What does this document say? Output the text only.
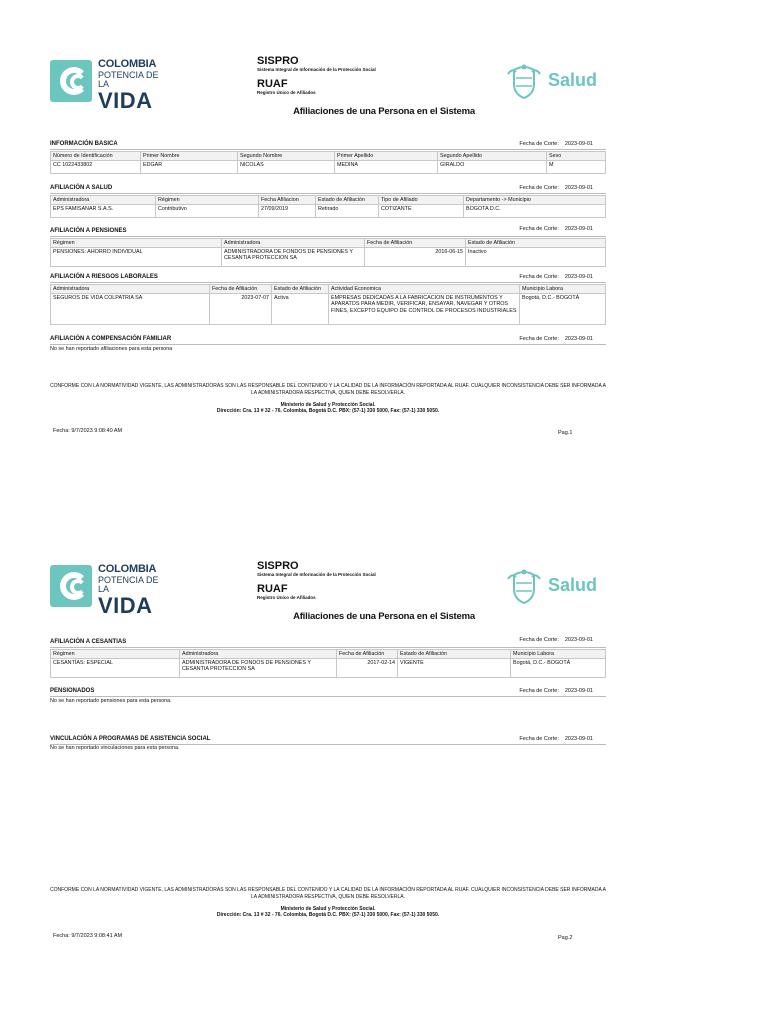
COLOMBIA
POTENCIA DE LA
VIDA
SISPRO
Sistema Integral de Información de la Protección Social
RUAF
Registro Único de Afiliados
Salud
Afiliaciones de una Persona en el Sistema
INFORMACIÓN BASICA	Fecha de Corte: 2023-09-01
Número de Identificación	Primer Nombre	Segundo Nombre	Primer Apellido	Segundo Apellido	Sexo
CC 1022433802	EDGAR	NICOLAS	MEDINA	GIRALDO	M
AFILIACIÓN A SALUD	Fecha de Corte: 2023-09-01
Administradora	Régimen	Fecha Afiliacion	Estado de Afiliación	Tipo de Afiliado	Departamento -> Municipio
EPS FAMISANAR S.A.S.	Contributivo	27/09/2019	Retirado	COTIZANTE	BOGOTA D.C.
AFILIACIÓN A PENSIONES	Fecha de Corte: 2023-09-01
Régimen	Administradora	Fecha de Afiliación	Estado de Afiliación
PENSIONES: AHORRO INDIVIDUAL	ADMINISTRADORA DE FONDOS DE PENSIONES Y CESANTIA PROTECCION SA	2016-06-15	Inactivo
AFILIACIÓN A RIESGOS LABORALES	Fecha de Corte: 2023-09-01
Administradora	Fecha de Afiliación	Estado de Afiliación	Actividad Economica	Municipio Labora
SEGUROS DE VIDA COLPATRIA SA	2023-07-07	Activa	EMPRESAS DEDICADAS A LA FABRICACION DE INSTRUMENTOS Y APARATOS PARA MEDIR, VERIFICAR, ENSAYAR, NAVEGAR Y OTROS FINES, EXCEPTO EQUIPO DE CONTROL DE PROCESOS INDUSTRIALES	Bogotá, D.C.- BOGOTÁ
AFILIACIÓN A COMPENSACIÓN FAMILIAR	Fecha de Corte: 2023-09-01
No se han reportado afiliaciones para esta persona
CONFORME CON LA NORMATIVIDAD VIGENTE, LAS ADMINISTRADORAS SON LAS RESPONSABLE DEL CONTENIDO Y LA CALIDAD DE LA INFORMACIÓN REPORTADA AL RUAF. CUALQUIER INCONSISTENCIA DEBE SER INFORMADA A LA ADMINISTRADORA RESPECTIVA, QUIEN DEBE RESOLVERLA.
Ministerio de Salud y Protección Social.
Dirección: Cra. 13 # 32 - 76. Colombia, Bogotá D.C. PBX: (57-1) 330 5000, Fax: (57-1) 330 5050.
Fecha: 9/7/2023 9:08:40 AM	Pag.1
COLOMBIA
POTENCIA DE LA
VIDA
SISPRO
Sistema Integral de Información de la Protección Social
RUAF
Registro Único de Afiliados
Salud
Afiliaciones de una Persona en el Sistema
AFILIACIÓN A CESANTIAS	Fecha de Corte: 2023-09-01
Régimen	Administradora	Fecha de Afiliación	Estado de Afiliación	Municipio Labora
CESANTÍAS: ESPECIAL	ADMINISTRADORA DE FONDOS DE PENSIONES Y CESANTIA PROTECCION SA	2017-02-14	VIGENTE	Bogotá, D.C.- BOGOTÁ
PENSIONADOS	Fecha de Corte: 2023-09-01
No se han reportado pensiones para esta persona.
VINCULACIÓN A PROGRAMAS DE ASISTENCIA SOCIAL	Fecha de Corte: 2023-09-01
No se han reportado vinculaciones para esta persona.
CONFORME CON LA NORMATIVIDAD VIGENTE, LAS ADMINISTRADORAS SON LAS RESPONSABLE DEL CONTENIDO Y LA CALIDAD DE LA INFORMACIÓN REPORTADA AL RUAF. CUALQUIER INCONSISTENCIA DEBE SER INFORMADA A LA ADMINISTRADORA RESPECTIVA, QUIEN DEBE RESOLVERLA.
Ministerio de Salud y Protección Social.
Dirección: Cra. 13 # 32 - 76. Colombia, Bogotá D.C. PBX: (57-1) 330 5000, Fax: (57-1) 330 5050.
Fecha: 9/7/2023 9:08:41 AM	Pag.2
